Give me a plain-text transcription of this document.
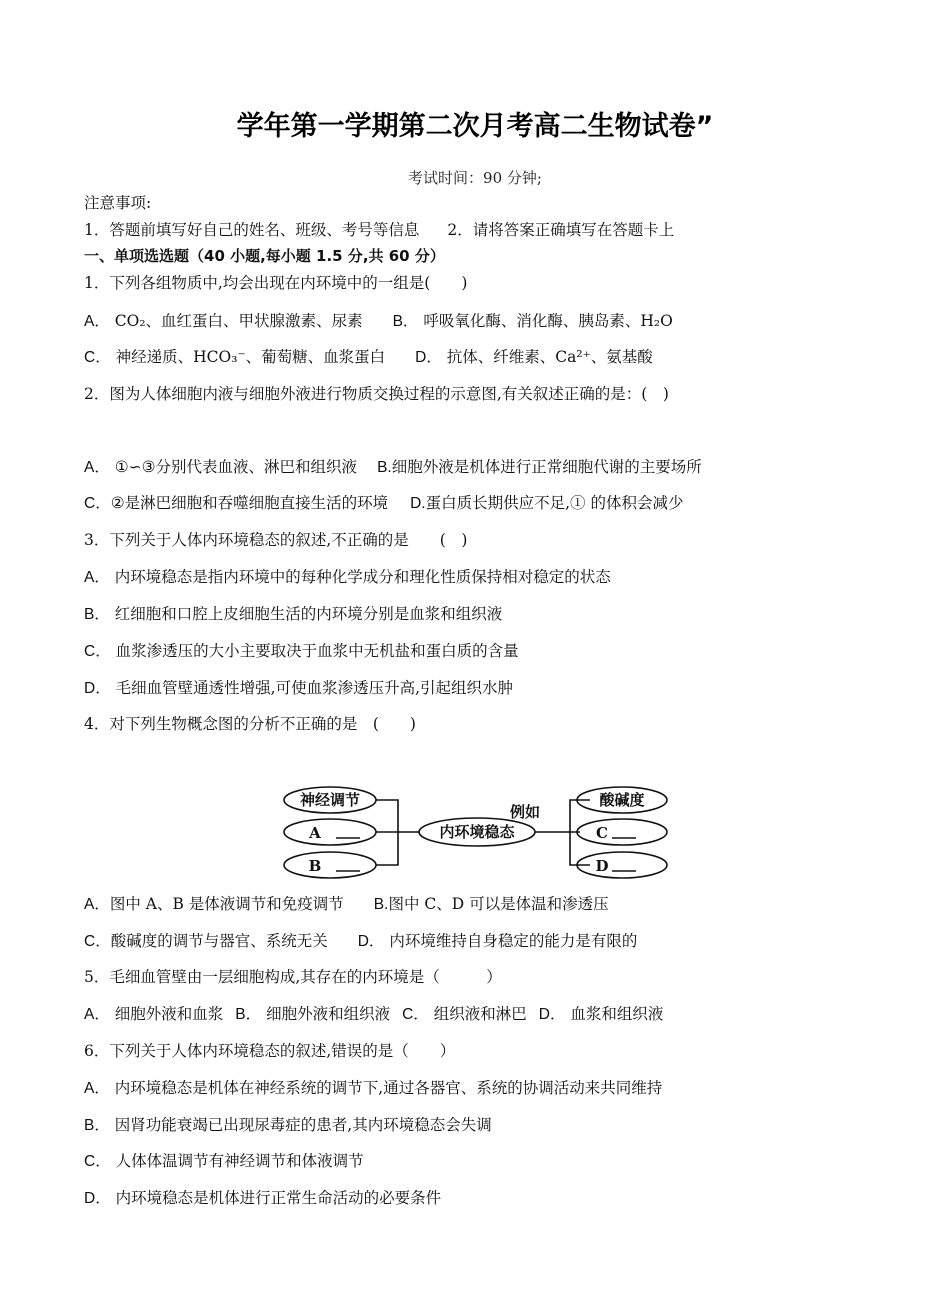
学年第一学期第二次月考高二生物试卷”
考试时间：90 分钟;
注意事项:
1．答题前填写好自己的姓名、班级、考号等信息 2．请将答案正确填写在答题卡上
一、单项选选题（40 小题,每小题 1.5 分,共 60 分）
1．下列各组物质中,均会出现在内环境中的一组是(　　)
A． CO₂、血红蛋白、甲状腺激素、尿素 B． 呼吸氧化酶、消化酶、胰岛素、H₂O
C． 神经递质、HCO₃⁻、葡萄糖、血浆蛋白 D． 抗体、纤维素、Ca²⁺、氨基酸
2．图为人体细胞内液与细胞外液进行物质交换过程的示意图,有关叙述正确的是：(　)
A． ①∽③分别代表血液、淋巴和组织液 B.细胞外液是机体进行正常细胞代谢的主要场所
C．②是淋巴细胞和吞噬细胞直接生活的环境 D.蛋白质长期供应不足,① 的体积会减少
3．下列关于人体内环境稳态的叙述,不正确的是　　(　)
A． 内环境稳态是指内环境中的每种化学成分和理化性质保持相对稳定的状态
B． 红细胞和口腔上皮细胞生活的内环境分别是血浆和组织液
C． 血浆渗透压的大小主要取决于血浆中无机盐和蛋白质的含量
D． 毛细血管壁通透性增强,可使血浆渗透压升高,引起组织水肿
4．对下列生物概念图的分析不正确的是　(　　)
神经调节
A
B
内环境稳态
例如
酸碱度
C
D
A．图中 A、B 是体液调节和免疫调节 B.图中 C、D 可以是体温和渗透压
C．酸碱度的调节与器官、系统无关 D． 内环境维持自身稳定的能力是有限的
5．毛细血管壁由一层细胞构成,其存在的内环境是（　　　）
A． 细胞外液和血浆 B． 细胞外液和组织液 C． 组织液和淋巴 D． 血浆和组织液
6．下列关于人体内环境稳态的叙述,错误的是（　　）
A． 内环境稳态是机体在神经系统的调节下,通过各器官、系统的协调活动来共同维持
B． 因肾功能衰竭已出现尿毒症的患者,其内环境稳态会失调
C． 人体体温调节有神经调节和体液调节
D． 内环境稳态是机体进行正常生命活动的必要条件
